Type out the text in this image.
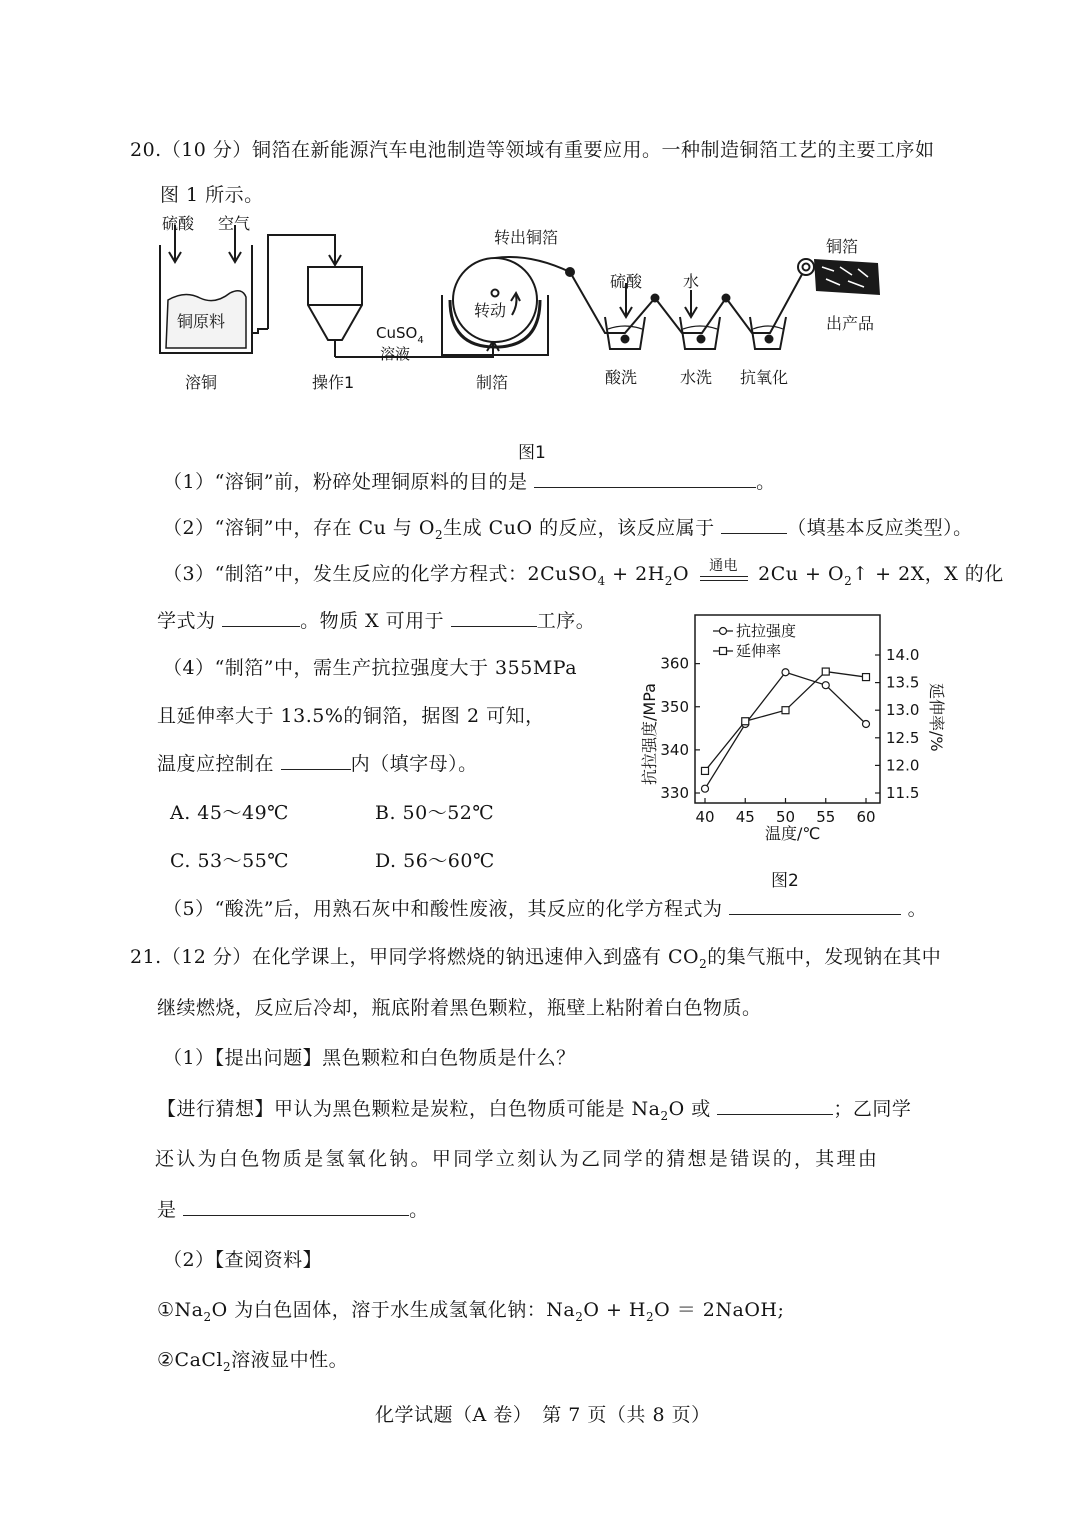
20.（10 分）铜箔在新能源汽车电池制造等领域有重要应用。一种制造铜箔工艺的主要工序如
图 1 所示。
硫酸 空气
铜原料
CuSO$_4$
溶液
转动
转出铜箔
硫酸	水
铜箔
出产品
溶铜	操作1	制箔	酸洗	水洗 抗氧化
图1
（1）“溶铜”前，粉碎处理铜原料的目的是	。
（2）“溶铜”中，存在 Cu 与 $O_2$生成 CuO 的反应，该反应属于	（填基本反应类型）。
（3）“制箔”中，发生反应的化学方程式：2CuSO$_4$ + $2H_2O$ $^{通电}$ $2Cu + O_2↑ + 2X$，X 的化
学式为	。物质 X 可用于	工序。
（4）“制箔”中，需生产抗拉强度大于 355MPa
且延伸率大于 13.5%的铜箔，据图 2 可知，
温度应控制在	内（填字母）。
A. 45～49℃	B. 50～52℃
C. 53～55℃	D. 56～60℃
40 45 50 55 60
330
340
350
360
11.5
12.0
12.5
13.0
13.5
14.0
抗拉强度/MPa	延伸率/%
温度/℃
抗拉强度
延伸率
图2
（5）“酸洗”后，用熟石灰中和酸性废液，其反应的化学方程式为	。
21.（12 分）在化学课上，甲同学将燃烧的钠迅速伸入到盛有 $CO_2$的集气瓶中，发现钠在其中
继续燃烧，反应后冷却，瓶底附着黑色颗粒，瓶壁上粘附着白色物质。
（1）【提出问题】黑色颗粒和白色物质是什么？
【进行猜想】甲认为黑色颗粒是炭粒，白色物质可能是 $Na_2O$ 或	；乙同学
还认为白色物质是氢氧化钠。甲同学立刻认为乙同学的猜想是错误的，其理由
是	。
（2）【查阅资料】
$①Na_2O$ 为白色固体，溶于水生成氢氧化钠：$Na_2O + H_2O$ ＝ 2NaOH;
②CaCl$_2$溶液显中性。
化学试题（A 卷）　第 7 页（共 8 页）
